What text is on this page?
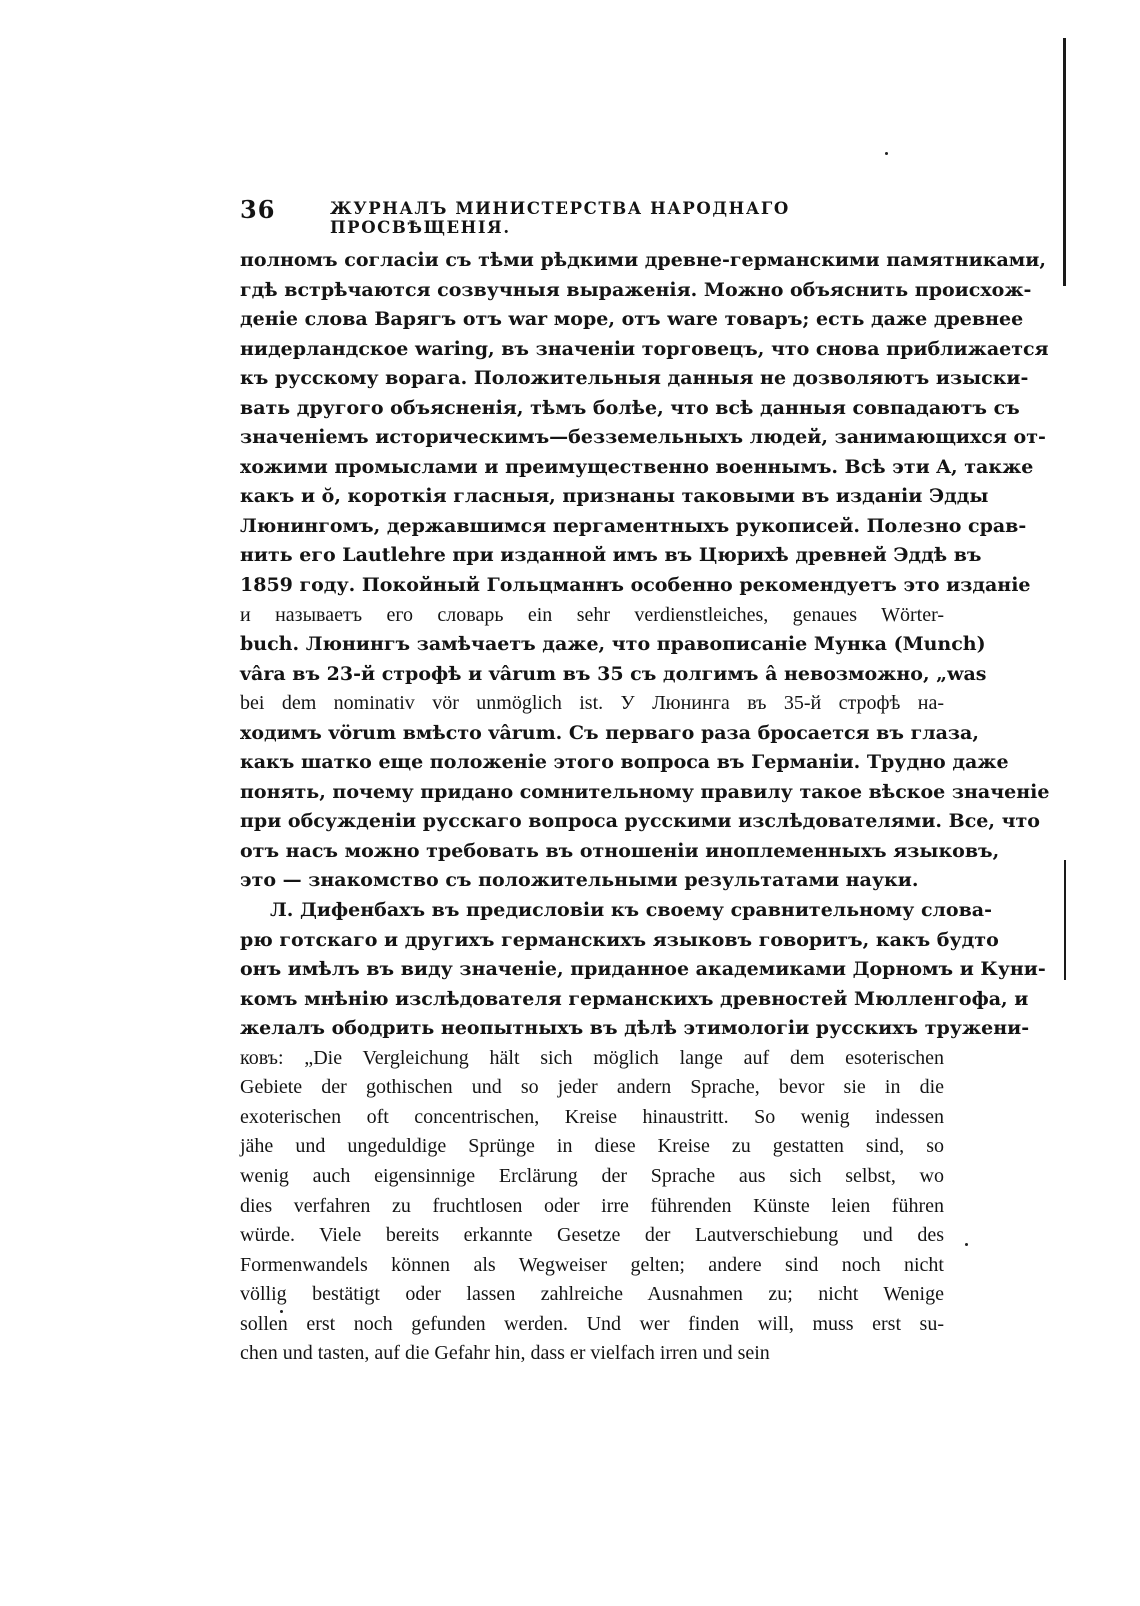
36	ЖУРНАЛЪ МИНИСТЕРСТВА НАРОДНАГО ПРОСВѢЩЕНІЯ.
полномъ согласіи съ тѣми рѣдкими древне-германскими памятниками,
гдѣ встрѣчаются созвучныя выраженія. Можно объяснить происхож-
деніе слова Варягъ отъ war море, отъ ware товаръ; есть даже древнее
нидерландское waring, въ значеніи торговецъ, что снова приближается
къ русскому ворага. Положительныя данныя не дозволяютъ изыски-
вать другого объясненія, тѣмъ болѣе, что всѣ данныя совпадаютъ съ
значеніемъ историческимъ—безземельныхъ людей, занимающихся от-
хожими промыслами и преимущественно военнымъ. Всѣ эти A, также
какъ и ŏ, короткія гласныя, признаны таковыми въ изданіи Эдды
Люнингомъ, державшимся пергаментныхъ рукописей. Полезно срав-
нить его Lautlehre при изданной имъ въ Цюрихѣ древней Эддѣ въ
1859 году. Покойный Гольцманнъ особенно рекомендуетъ это изданіе
и называетъ его словарь ein sehr verdienstleiches, genaues Wörter-
buch. Люнингъ замѣчаетъ даже, что правописаніе Мунка (Munch)
vâra въ 23-й строфѣ и vârum въ 35 съ долгимъ â невозможно, „was
bei dem nominativ vör unmöglich ist. У Люнинга въ 35-й строфѣ на-
ходимъ vörum вмѣсто vârum. Съ перваго раза бросается въ глаза,
какъ шатко еще положеніе этого вопроса въ Германіи. Трудно даже
понять, почему придано сомнительному правилу такое вѣское значеніе
при обсужденіи русскаго вопроса русскими изслѣдователями. Все, что
отъ насъ можно требовать въ отношеніи иноплеменныхъ языковъ,
это — знакомство съ положительными результатами науки.
Л. Дифенбахъ въ предисловіи къ своему сравнительному слова-
рю готскаго и другихъ германскихъ языковъ говоритъ, какъ будто
онъ имѣлъ въ виду значеніе, приданное академиками Дорномъ и Куни-
комъ мнѣнію изслѣдователя германскихъ древностей Мюлленгофа, и
желалъ ободрить неопытныхъ въ дѣлѣ этимологіи русскихъ тружени-
ковъ: „Die Vergleichung hält sich möglich lange auf dem esoterischen
Gebiete der gothischen und so jeder andern Sprache, bevor sie in die
exoterischen oft concentrischen, Kreise hinaustritt. So wenig indessen
jähe und ungeduldige Sprünge in diese Kreise zu gestatten sind, so
wenig auch eigensinnige Erclärung der Sprache aus sich selbst, wo
dies verfahren zu fruchtlosen oder irre führenden Künste leien führen
würde. Viele bereits erkannte Gesetze der Lautverschiebung und des
Formenwandels können als Wegweiser gelten; andere sind noch nicht
völlig bestätigt oder lassen zahlreiche Ausnahmen zu; nicht Wenige
sollen erst noch gefunden werden. Und wer finden will, muss erst su-
chen und tasten, auf die Gefahr hin, dass er vielfach irren und sein
